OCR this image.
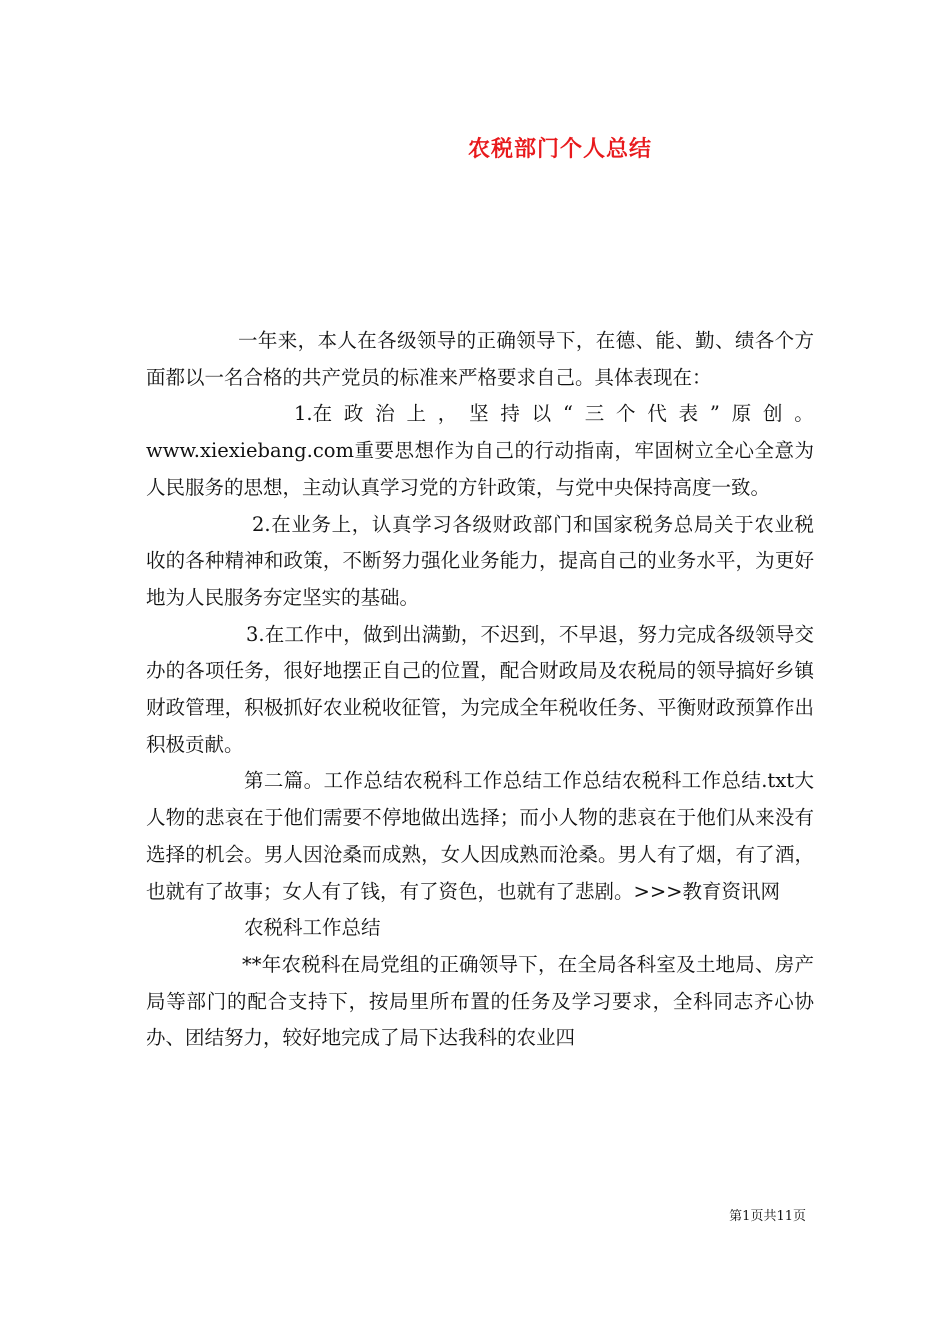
农税部门个人总结

一年来，本人在各级领导的正确领导下，在德、能、勤、绩各个方面都以一名合格的共产党员的标准来严格要求自己。具体表现在：

1.在 政 治 上 ， 坚 持 以 “ 三 个 代 表 ” 原 创 。

www.xiexiebang.com重要思想作为自己的行动指南，牢固树立全心全意为人民服务的思想，主动认真学习党的方针政策，与党中央保持高度一致。

2.在业务上，认真学习各级财政部门和国家税务总局关于农业税收的各种精神和政策，不断努力强化业务能力，提高自己的业务水平，为更好地为人民服务夯定坚实的基础。

3.在工作中，做到出满勤，不迟到，不早退，努力完成各级领导交办的各项任务，很好地摆正自己的位置，配合财政局及农税局的领导搞好乡镇财政管理，积极抓好农业税收征管，为完成全年税收任务、平衡财政预算作出积极贡献。

第二篇。工作总结农税科工作总结工作总结农税科工作总结.txt大人物的悲哀在于他们需要不停地做出选择；而小人物的悲哀在于他们从来没有选择的机会。男人因沧桑而成熟，女人因成熟而沧桑。男人有了烟，有了酒，也就有了故事；女人有了钱，有了资色，也就有了悲剧。>>>教育资讯网

农税科工作总结

**年农税科在局党组的正确领导下，在全局各科室及土地局、房产局等部门的配合支持下，按局里所布置的任务及学习要求，全科同志齐心协办、团结努力，较好地完成了局下达我科的农业四

第1页共11页
